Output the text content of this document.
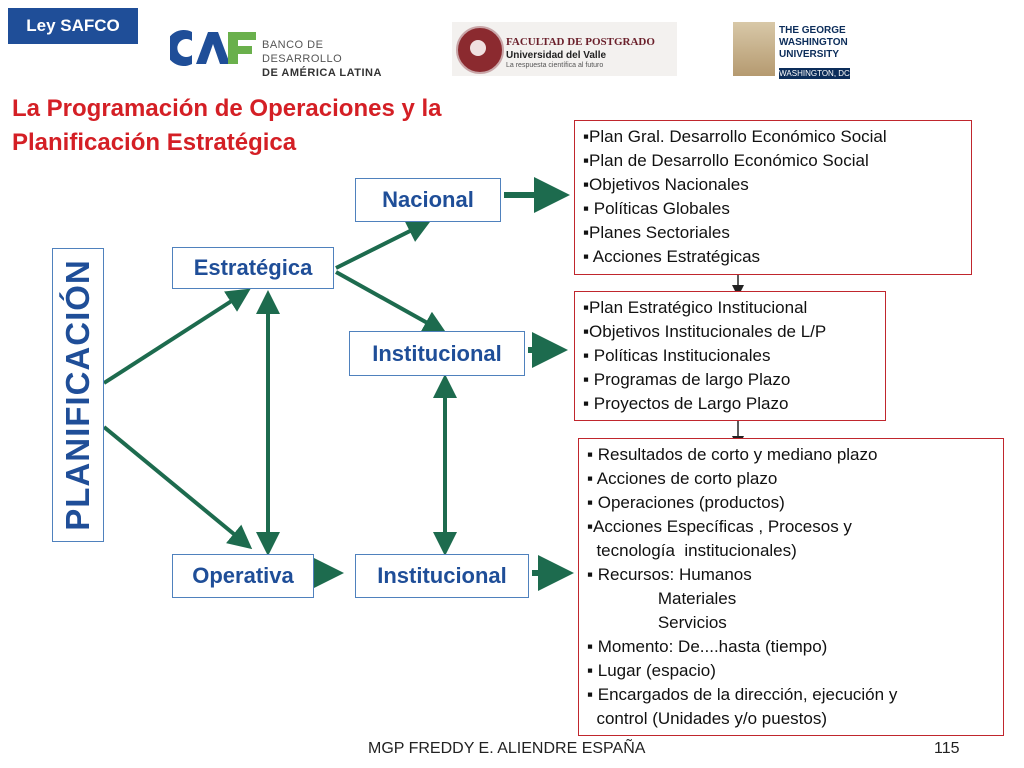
Ley SAFCO
BANCO DE DESARROLLO
DE AMÉRICA LATINA
FACULTAD DE POSTGRADO
Universidad del Valle
La respuesta científica al futuro
THE GEORGE
WASHINGTON
UNIVERSITY
WASHINGTON, DC
La Programación de Operaciones y la
Planificación Estratégica
PLANIFICACIÓN	Estratégica
Operativa
Nacional
Institucional
Institucional
▪Plan Gral. Desarrollo Económico Social
▪Plan de Desarrollo Económico Social
▪Objetivos Nacionales
▪ Políticas Globales
▪Planes Sectoriales
▪ Acciones Estratégicas
▪Plan Estratégico Institucional
▪Objetivos Institucionales de L/P
▪ Políticas Institucionales
▪ Programas de largo Plazo
▪ Proyectos de Largo Plazo
▪ Resultados de corto y mediano plazo
▪ Acciones de corto plazo
▪ Operaciones (productos)
▪Acciones Específicas , Procesos y
tecnología  institucionales)
▪ Recursos: Humanos
Materiales
Servicios
▪ Momento: De....hasta (tiempo)
▪ Lugar (espacio)
▪ Encargados de la dirección, ejecución y
control (Unidades y/o puestos)
MGP FREDDY E. ALIENDRE ESPAÑA	115
